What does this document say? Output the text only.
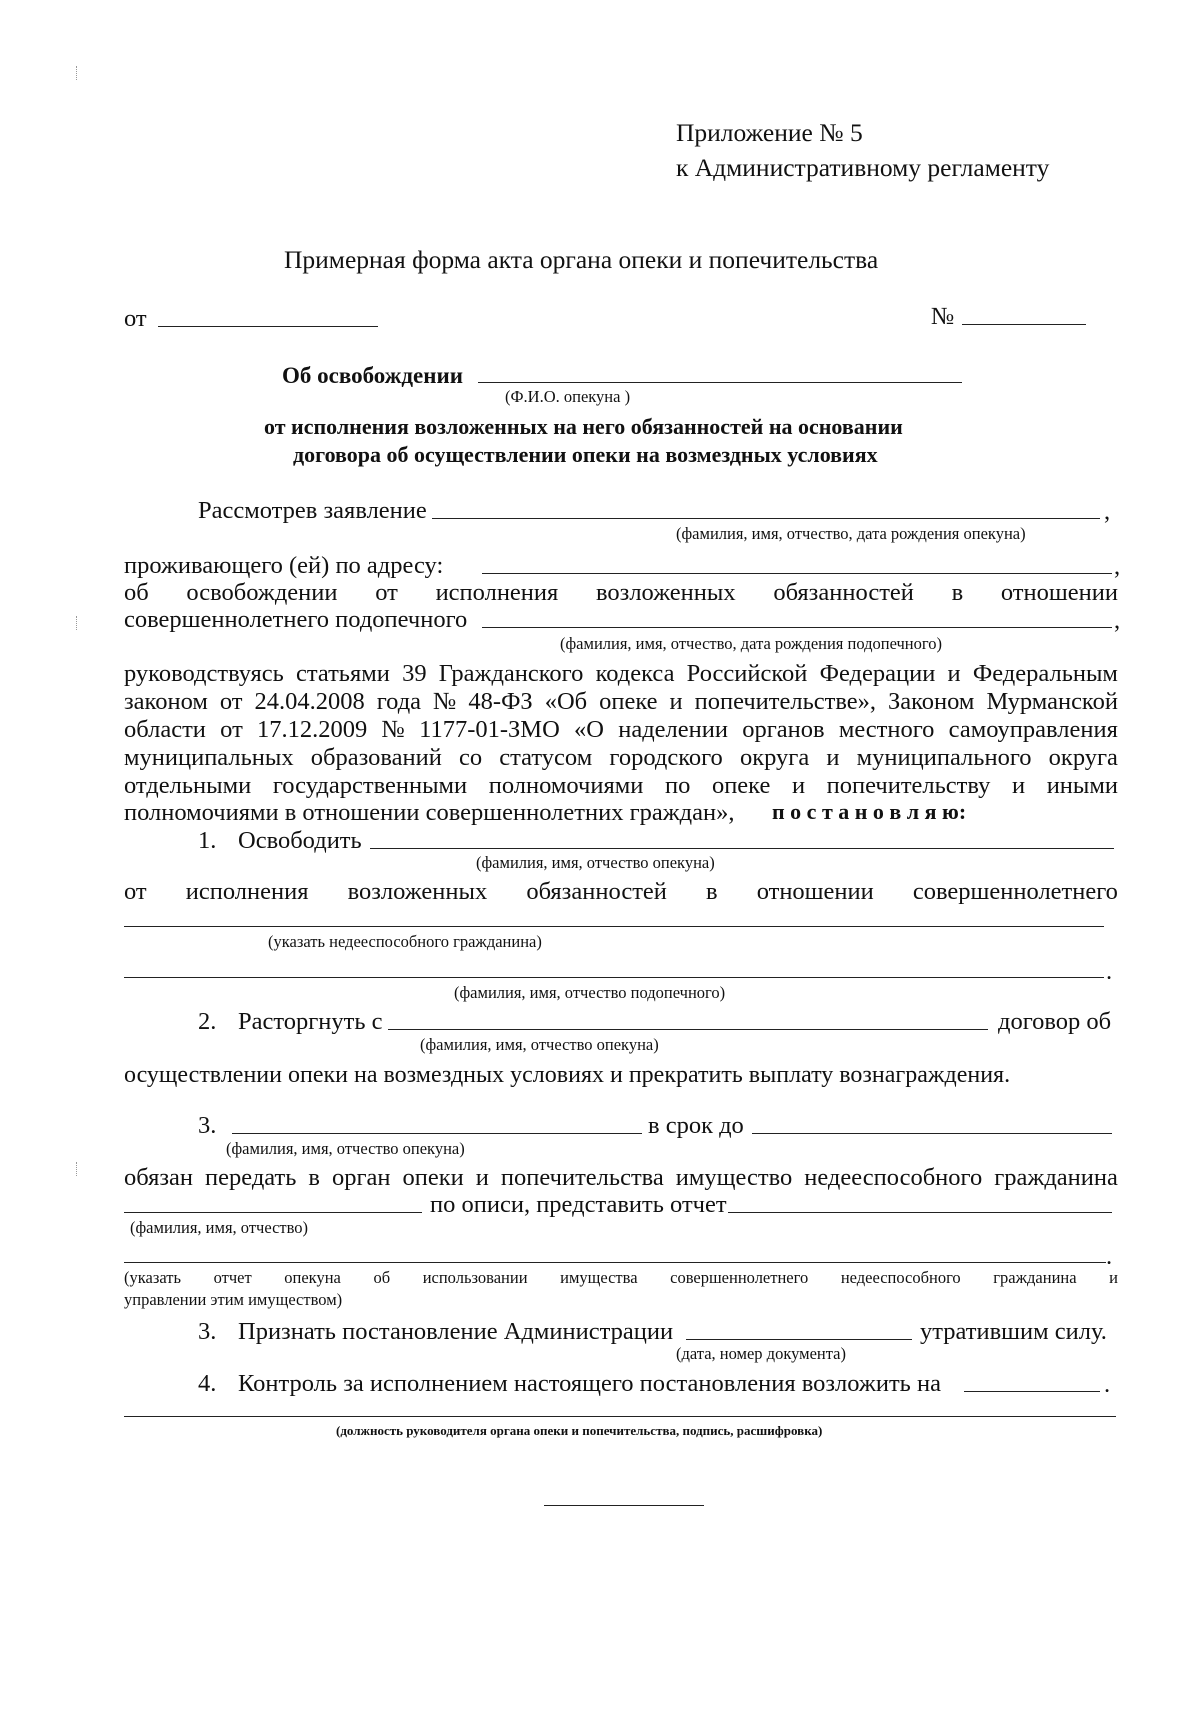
Приложение № 5
к Административному регламенту
Примерная форма акта органа опеки и попечительства
от	№
Об освобождении
(Ф.И.О. опекуна )
от исполнения возложенных на него обязанностей на основании
договора об осуществлении опеки на возмездных условиях
Рассмотрев заявление	,
(фамилия, имя, отчество, дата рождения опекуна)
проживающего (ей) по адресу:	,
об освобождении от исполнения возложенных обязанностей в отношении
совершеннолетнего подопечного	,
(фамилия, имя, отчество, дата рождения подопечного)
руководствуясь статьями 39 Гражданского кодекса Российской Федерации и Федеральным
законом от 24.04.2008 года № 48-ФЗ «Об опеке и попечительстве», Законом Мурманской
области от 17.12.2009 № 1177-01-ЗМО «О наделении органов местного самоуправления
муниципальных образований со статусом городского округа и муниципального округа
отдельными государственными полномочиями по опеке и попечительству и иными
полномочиями в отношении совершеннолетних граждан», п о с т а н о в л я ю:
1. Освободить
(фамилия, имя, отчество опекуна)
от исполнения возложенных обязанностей в отношении совершеннолетнего
(указать недееспособного гражданина)
.
(фамилия, имя, отчество подопечного)
2. Расторгнуть с	договор об
(фамилия, имя, отчество опекуна)
осуществлении опеки на возмездных условиях и прекратить выплату вознаграждения.
3.	в срок до
(фамилия, имя, отчество опекуна)
обязан передать в орган опеки и попечительства имущество недееспособного гражданина
по описи, представить отчет
(фамилия, имя, отчество)
.
(указать отчет опекуна об использовании имущества совершеннолетнего недееспособного гражданина и
управлении этим имуществом)
3. Признать постановление Администрации	утратившим силу.
(дата, номер документа)
4. Контроль за исполнением настоящего постановления возложить на	.
(должность руководителя органа опеки и попечительства, подпись, расшифровка)
